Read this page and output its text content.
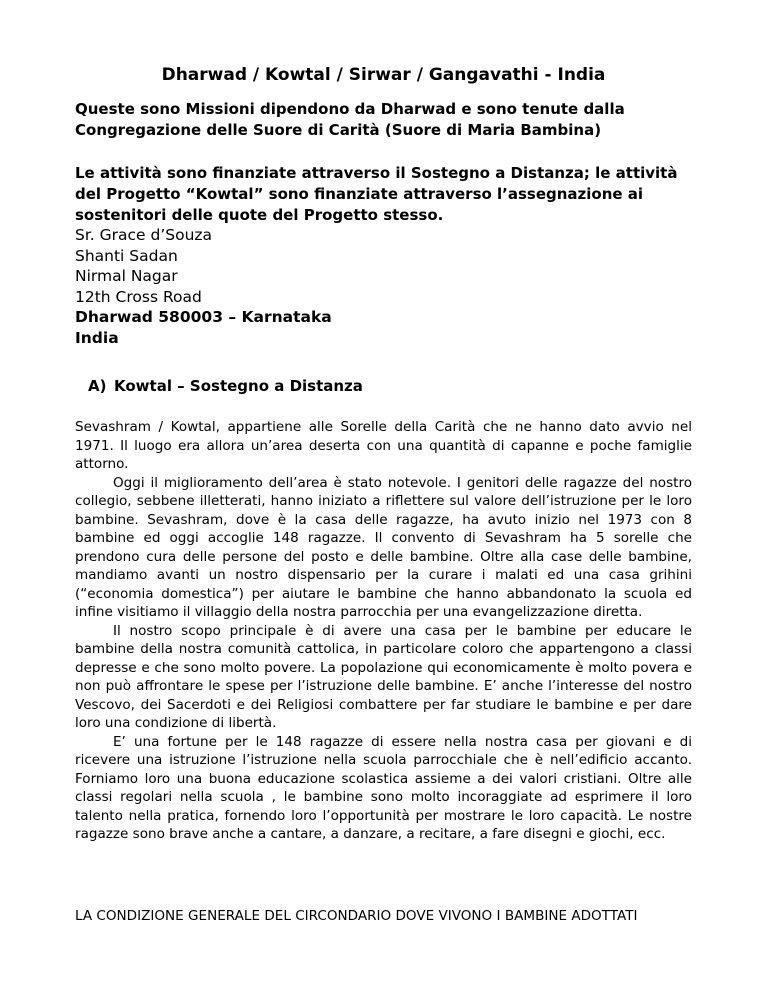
Dharwad / Kowtal / Sirwar / Gangavathi - India

Queste sono Missioni dipendono da Dharwad e sono tenute dalla Congregazione delle Suore di Carità (Suore di Maria Bambina)

Le attività sono finanziate attraverso il Sostegno a Distanza; le attività del Progetto “Kowtal” sono finanziate attraverso l’assegnazione ai sostenitori delle quote del Progetto stesso.

Sr. Grace d’Souza
Shanti Sadan
Nirmal Nagar
12th Cross Road
Dharwad 580003 – Karnataka
India
A) Kowtal – Sostegno a Distanza

Sevashram / Kowtal, appartiene alle Sorelle della Carità che ne hanno dato avvio nel 1971. Il luogo era allora un’area deserta con una quantità di capanne e poche famiglie attorno.

Oggi il miglioramento dell’area è stato notevole. I genitori delle ragazze del nostro collegio, sebbene illetterati, hanno iniziato a riflettere sul valore dell’istruzione per le loro bambine. Sevashram, dove è la casa delle ragazze, ha avuto inizio nel 1973 con 8 bambine ed oggi accoglie 148 ragazze. Il convento di Sevashram ha 5 sorelle che prendono cura delle persone del posto e delle bambine. Oltre alla case delle bambine, mandiamo avanti un nostro dispensario per la curare i malati ed una casa grihini (“economia domestica”) per aiutare le bambine che hanno abbandonato la scuola ed infine visitiamo il villaggio della nostra parrocchia per una evangelizzazione diretta.

Il nostro scopo principale è di avere una casa per le bambine per educare le bambine della nostra comunità cattolica, in particolare coloro che appartengono a classi depresse e che sono molto povere. La popolazione qui economicamente è molto povera e non può affrontare le spese per l’istruzione delle bambine. E’ anche l’interesse del nostro Vescovo, dei Sacerdoti e dei Religiosi combattere per far studiare le bambine e per dare loro una condizione di libertà.

E’ una fortune per le 148 ragazze di essere nella nostra casa per giovani e di ricevere una istruzione l’istruzione nella scuola parrocchiale che è nell’edificio accanto. Forniamo loro una buona educazione scolastica assieme a dei valori cristiani. Oltre alle classi regolari nella scuola , le bambine sono molto incoraggiate ad esprimere il loro talento nella pratica, fornendo loro l’opportunità per mostrare le loro capacità. Le nostre ragazze sono brave anche a cantare, a danzare, a recitare, a fare disegni e giochi, ecc.

LA CONDIZIONE GENERALE DEL CIRCONDARIO DOVE VIVONO I BAMBINE ADOTTATI
